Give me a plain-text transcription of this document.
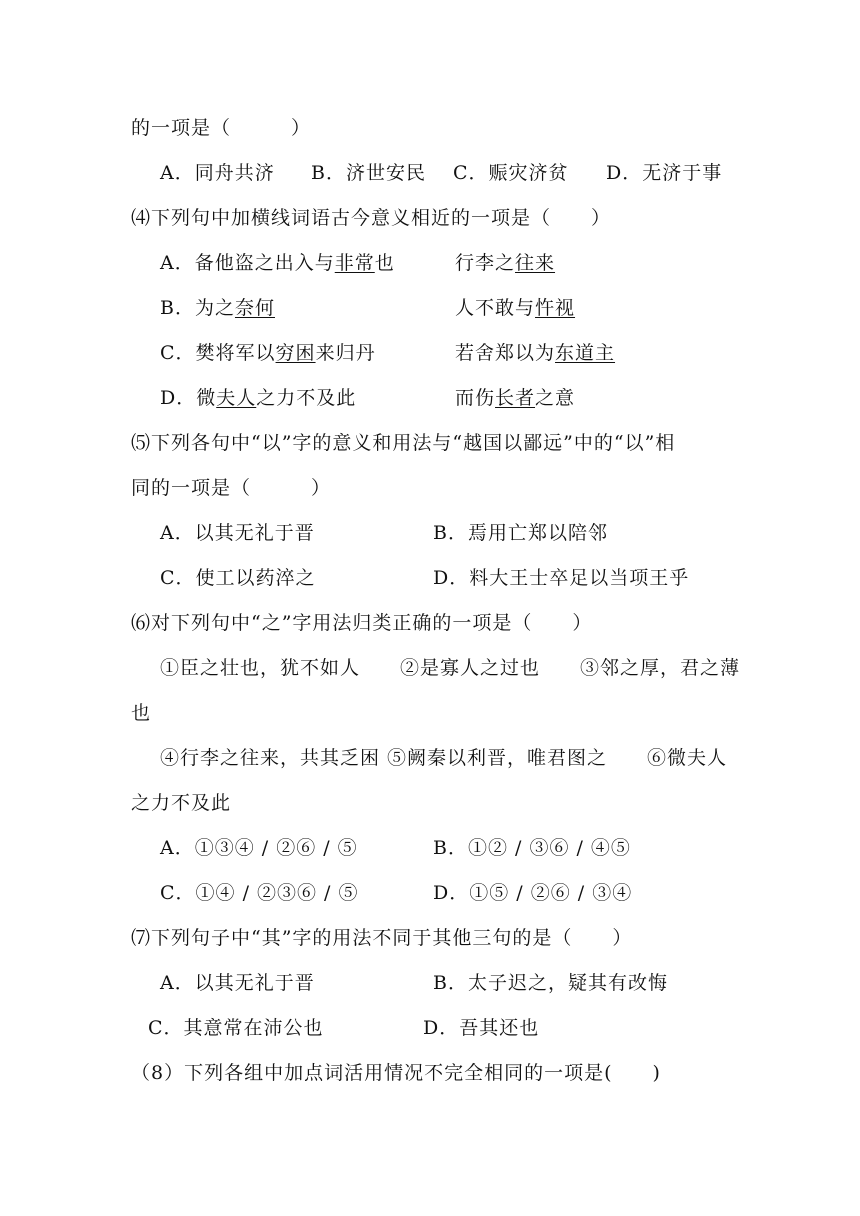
的一项是（　　　）
A．同舟共济 B．济世安民 C．赈灾济贫 D．无济于事
⑷下列句中加横线词语古今意义相近的一项是（　　）
A．备他盗之出入与非常也	行李之往来
B．为之奈何	人不敢与忤视
C．樊将军以穷困来归丹	若舍郑以为东道主
D．微夫人之力不及此	而伤长者之意
⑸下列各句中“以”字的意义和用法与“越国以鄙远”中的“以”相
同的一项是（　　　）
A．以其无礼于晋	B．焉用亡郑以陪邻
C．使工以药淬之	D．料大王士卒足以当项王乎
⑹对下列句中“之”字用法归类正确的一项是（　　）
①臣之壮也，犹不如人　　②是寡人之过也　　③邻之厚，君之薄
也
④行李之往来，共其乏困 ⑤阙秦以利晋，唯君图之　　⑥微夫人
之力不及此
A．①③④ / ②⑥ / ⑤	B．①② / ③⑥ / ④⑤
C．①④ / ②③⑥ / ⑤	D．①⑤ / ②⑥ / ③④
⑺下列句子中“其”字的用法不同于其他三句的是（　　）
A．以其无礼于晋	B．太子迟之，疑其有改悔
C．其意常在沛公也	D．吾其还也
（8）下列各组中加点词活用情况不完全相同的一项是(　　)
